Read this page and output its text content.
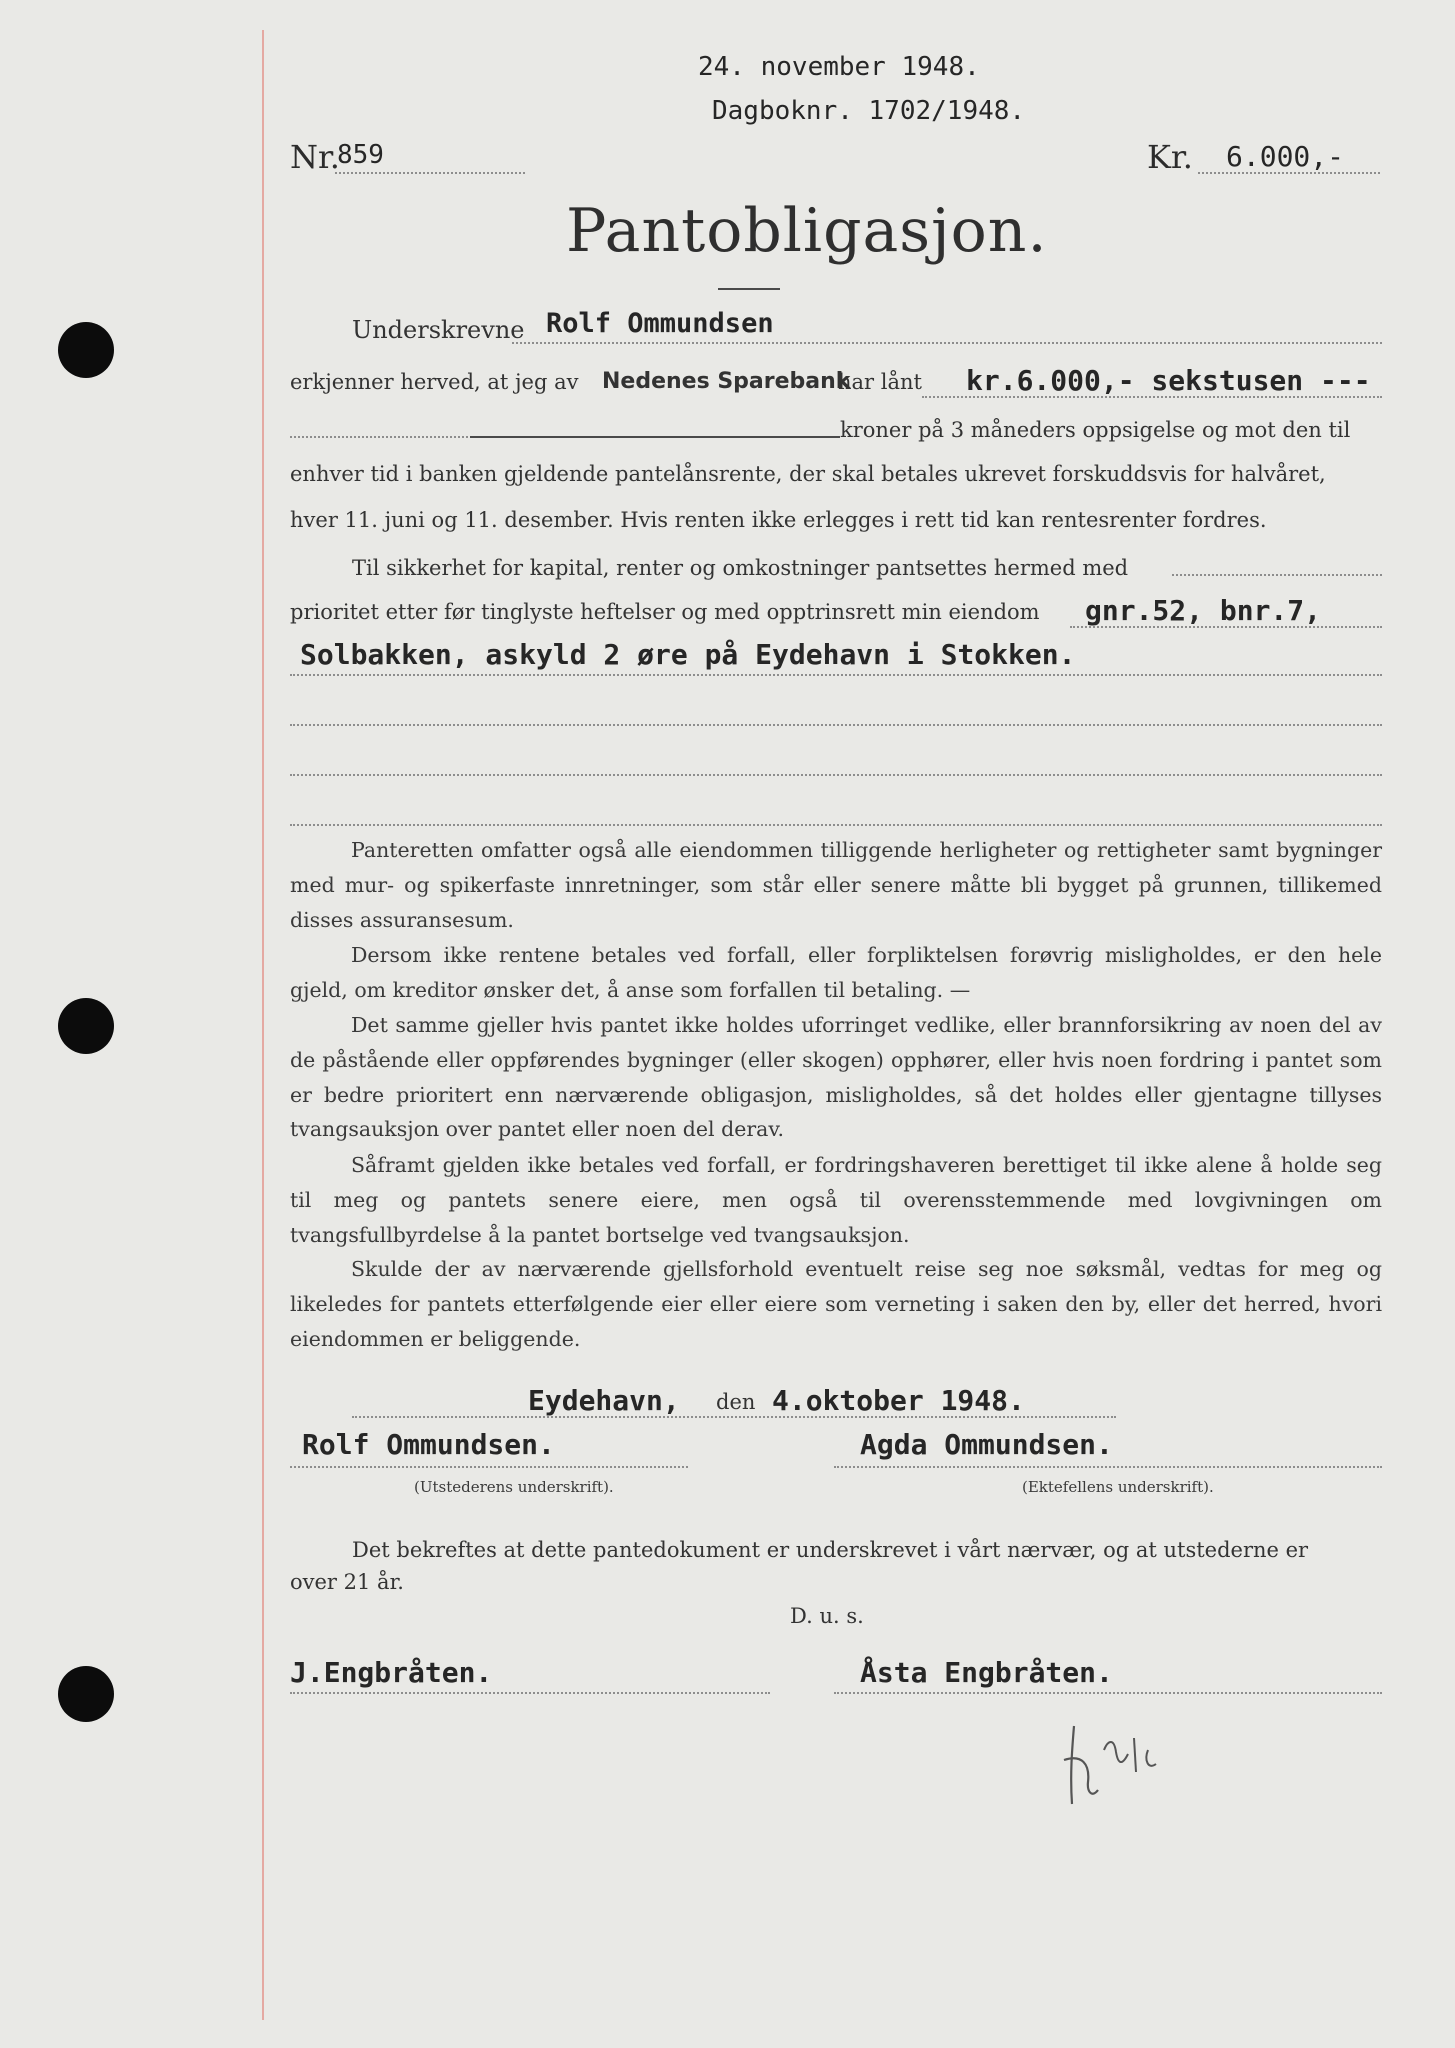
24. november 1948.
Dagboknr. 1702/1948.
Nr.
859	Kr. 6.000,-
Pantobligasjon.
Underskrevne Rolf Ommundsen
erkjenner herved, at jeg av Nedenes Sparebank
har lånt kr.6.000,- sekstusen ---
kroner på 3 måneders oppsigelse og mot den til
enhver tid i banken gjeldende pantelånsrente, der skal betales ukrevet forskuddsvis for halvåret,
hver 11. juni og 11. desember. Hvis renten ikke erlegges i rett tid kan rentesrenter fordres.
Til sikkerhet for kapital, renter og omkostninger pantsettes hermed med
prioritet etter før tinglyste heftelser og med opptrinsrett min eiendom gnr.52, bnr.7,
Solbakken, askyld 2 øre på Eydehavn i Stokken.

Panteretten omfatter også alle eiendommen tilliggende herligheter og rettigheter samt bygninger med mur- og spikerfaste innretninger, som står eller senere måtte bli bygget på grunnen, tillikemed disses assuransesum.

Dersom ikke rentene betales ved forfall, eller forpliktelsen forøvrig misligholdes, er den hele gjeld, om kreditor ønsker det, å anse som forfallen til betaling. —

Det samme gjeller hvis pantet ikke holdes uforringet vedlike, eller brannforsikring av noen del av de påstående eller oppførendes bygninger (eller skogen) opphører, eller hvis noen fordring i pantet som er bedre prioritert enn nærværende obligasjon, misligholdes, så det holdes eller gjentagne tillyses tvangsauksjon over pantet eller noen del derav.

Såframt gjelden ikke betales ved forfall, er fordringshaveren berettiget til ikke alene å holde seg til meg og pantets senere eiere, men også til overensstemmende med lovgivningen om tvangsfullbyrdelse å la pantet bortselge ved tvangsauksjon.

Skulde der av nærværende gjellsforhold eventuelt reise seg noe søksmål, vedtas for meg og likeledes for pantets etterfølgende eier eller eiere som verneting i saken den by, eller det herred, hvori eiendommen er beliggende.

Eydehavn, den 4.oktober 1948.
Rolf Ommundsen.
(Utstederens underskrift).
Agda Ommundsen.
(Ektefellens underskrift).
Det bekreftes at dette pantedokument er underskrevet i vårt nærvær, og at utstederne er
over 21 år.
D. u. s.
J.Engbråten.	Åsta Engbråten.
